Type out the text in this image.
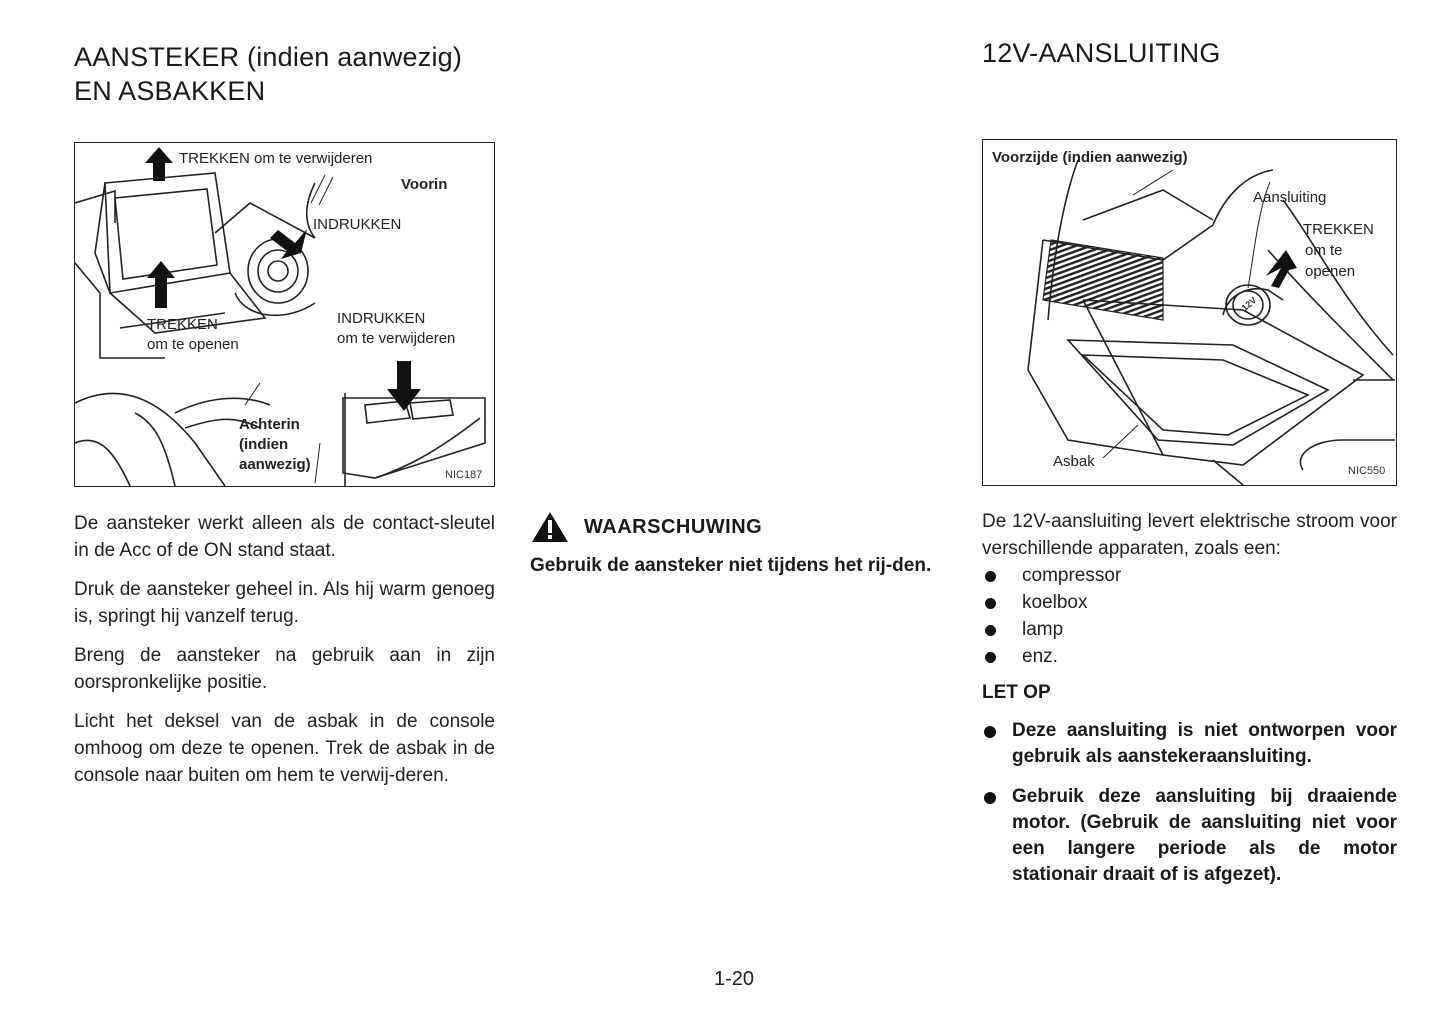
AANSTEKER (indien aanwezig)
EN ASBAKKEN
TREKKEN om te verwijderen
Voorin
INDRUKKEN
TREKKEN
om te openen
INDRUKKEN
om te verwijderen
Achterin
(indien
aanwezig)
NIC187

De aansteker werkt alleen als de contact-sleutel in de Acc of de ON stand staat.

Druk de aansteker geheel in. Als hij warm genoeg is, springt hij vanzelf terug.

Breng de aansteker na gebruik aan in zijn oorspronkelijke positie.

Licht het deksel van de asbak in de console omhoog om deze te openen. Trek de asbak in de console naar buiten om hem te verwij-deren.

WAARSCHUWING

Gebruik de aansteker niet tijdens het rij-den.

12V-AANSLUITING
Voorzijde (indien aanwezig)
Aansluiting
TREKKEN
om te
openen
Asbak
12V
NIC550

De 12V-aansluiting levert elektrische stroom voor verschillende apparaten, zoals een:

compressor
koelbox
lamp
enz.
LET OP
Deze aansluiting is niet ontworpen voor gebruik als aanstekeraansluiting.
Gebruik deze aansluiting bij draaiende motor. (Gebruik de aansluiting niet voor een langere periode als de motor stationair draait of is afgezet).
1-20
